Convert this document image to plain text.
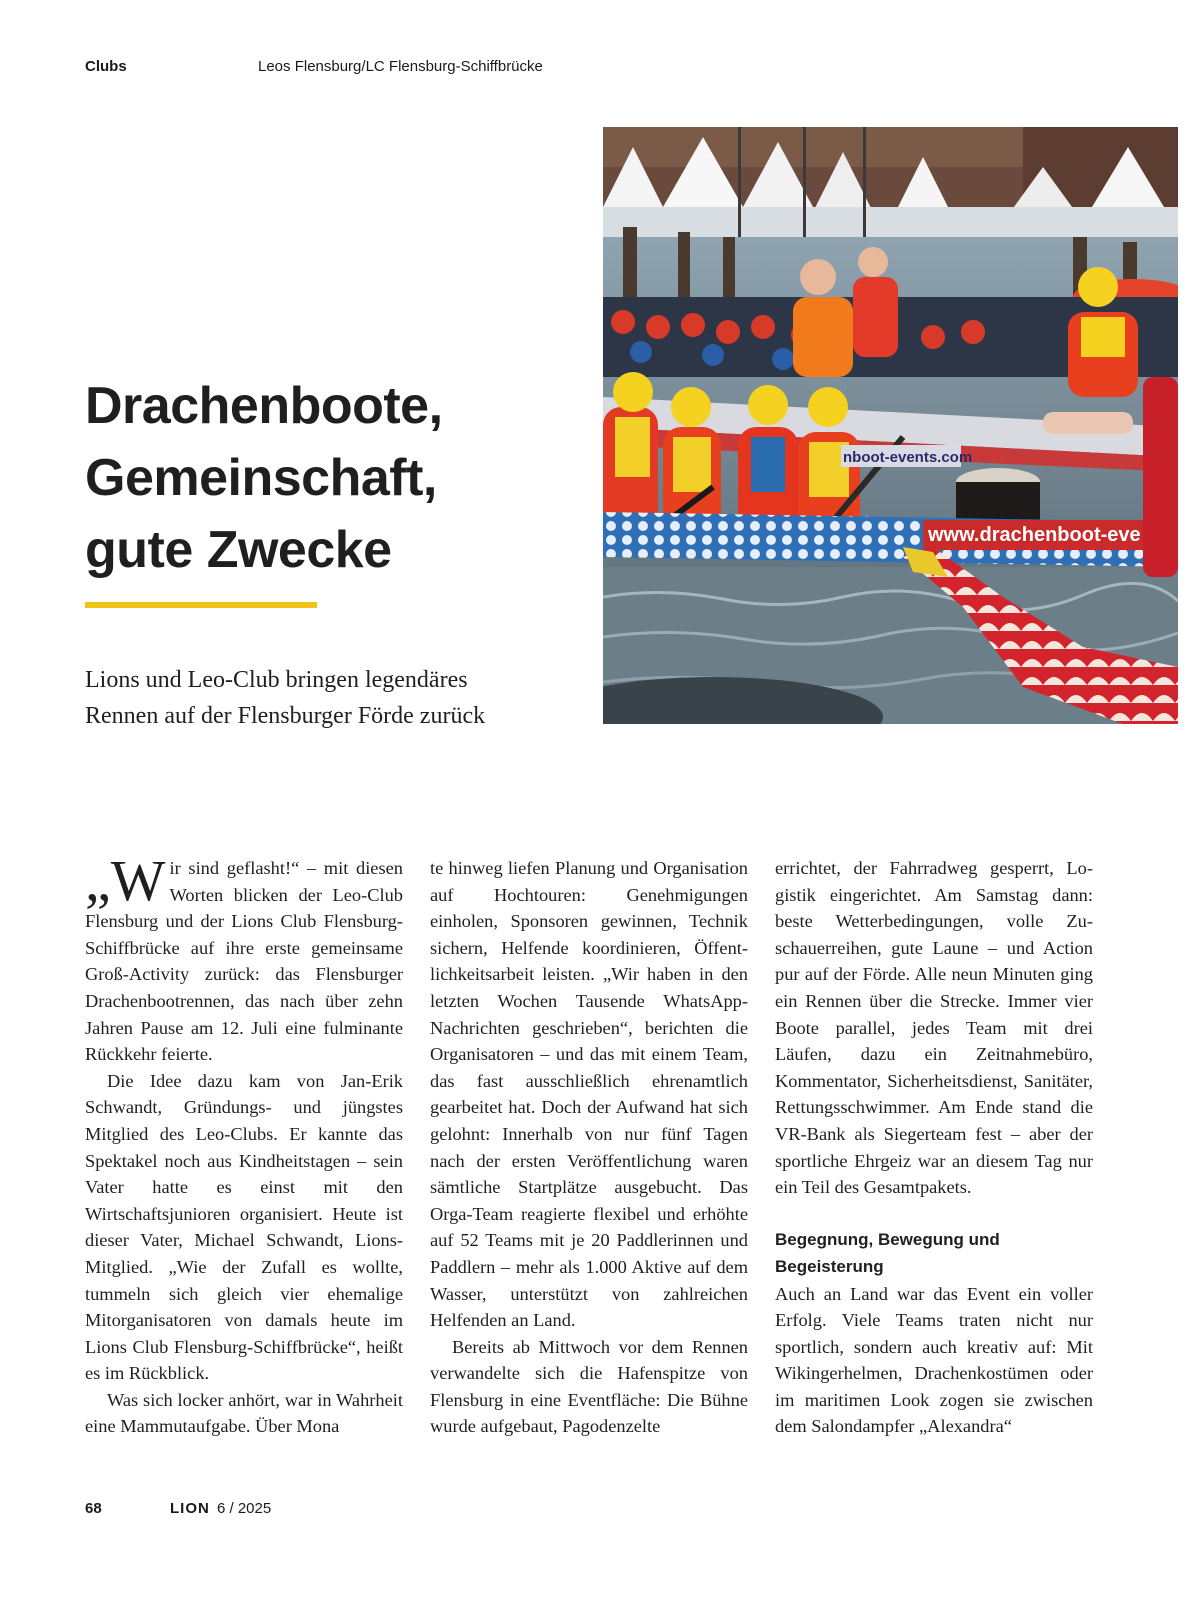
Clubs	Leos Flensburg/LC Flensburg-Schiffbrücke
Drachenboote,
Gemeinschaft,
gute Zwecke
Lions und Leo-Club bringen legendäres
Rennen auf der Flensburger Förde zurück
www.drachenboot-eve
nboot-events.com

„Wir sind geflasht!“ – mit diesen Worten blicken der Leo-Club Flensburg und der Lions Club Flensburg-Schiffbrücke auf ihre erste gemeinsame Groß-Activity zurück: das Flensburger Drachenbootrennen, das nach über zehn Jahren Pause am 12. Juli eine fulminante Rückkehr feierte.

Die Idee dazu kam von Jan-Erik Schwandt, Gründungs- und jüngstes Mitglied des Leo-Clubs. Er kannte das Spektakel noch aus Kindheitstagen – sein Vater hatte es einst mit den Wirtschaftsjunioren organisiert. Heute ist dieser Vater, Michael Schwandt, Lions-Mitglied. „Wie der Zufall es wollte, tummeln sich gleich vier ehemalige Mitorganisatoren von damals heute im Lions Club Flensburg-Schiffbrücke“, heißt es im Rückblick.

Was sich locker anhört, war in Wahrheit eine Mammutaufgabe. Über Mona

te hinweg liefen Planung und Organisation auf Hochtouren: Genehmigungen einholen, Sponsoren gewinnen, Technik sichern, Helfende koordinieren, Öffentlichkeitsarbeit leisten. „Wir haben in den letzten Wochen Tausende WhatsApp-Nachrichten geschrieben“, berichten die Organisatoren – und das mit einem Team, das fast ausschließlich ehrenamtlich gearbeitet hat. Doch der Aufwand hat sich gelohnt: Innerhalb von nur fünf Tagen nach der ersten Veröffentlichung waren sämtliche Startplätze ausgebucht. Das Orga-Team reagierte flexibel und erhöhte auf 52 Teams mit je 20 Paddlerinnen und Paddlern – mehr als 1.000 Aktive auf dem Wasser, unterstützt von zahlreichen Helfenden an Land.

Bereits ab Mittwoch vor dem Rennen verwandelte sich die Hafenspitze von Flensburg in eine Eventfläche: Die Bühne wurde aufgebaut, Pagodenzelte

errichtet, der Fahrradweg gesperrt, Logistik eingerichtet. Am Samstag dann: beste Wetterbedingungen, volle Zuschauerreihen, gute Laune – und Action pur auf der Förde. Alle neun Minuten ging ein Rennen über die Strecke. Immer vier Boote parallel, jedes Team mit drei Läufen, dazu ein Zeitnahmebüro, Kommentator, Sicherheitsdienst, Sanitäter, Rettungsschwimmer. Am Ende stand die VR-Bank als Siegerteam fest – aber der sportliche Ehrgeiz war an diesem Tag nur ein Teil des Gesamtpakets.

Begegnung, Bewegung und Begeisterung

Auch an Land war das Event ein voller Erfolg. Viele Teams traten nicht nur sportlich, sondern auch kreativ auf: Mit Wikingerhelmen, Drachenkostümen oder im maritimen Look zogen sie zwischen dem Salondampfer „Alexandra“

68	LION 6 / 2025
